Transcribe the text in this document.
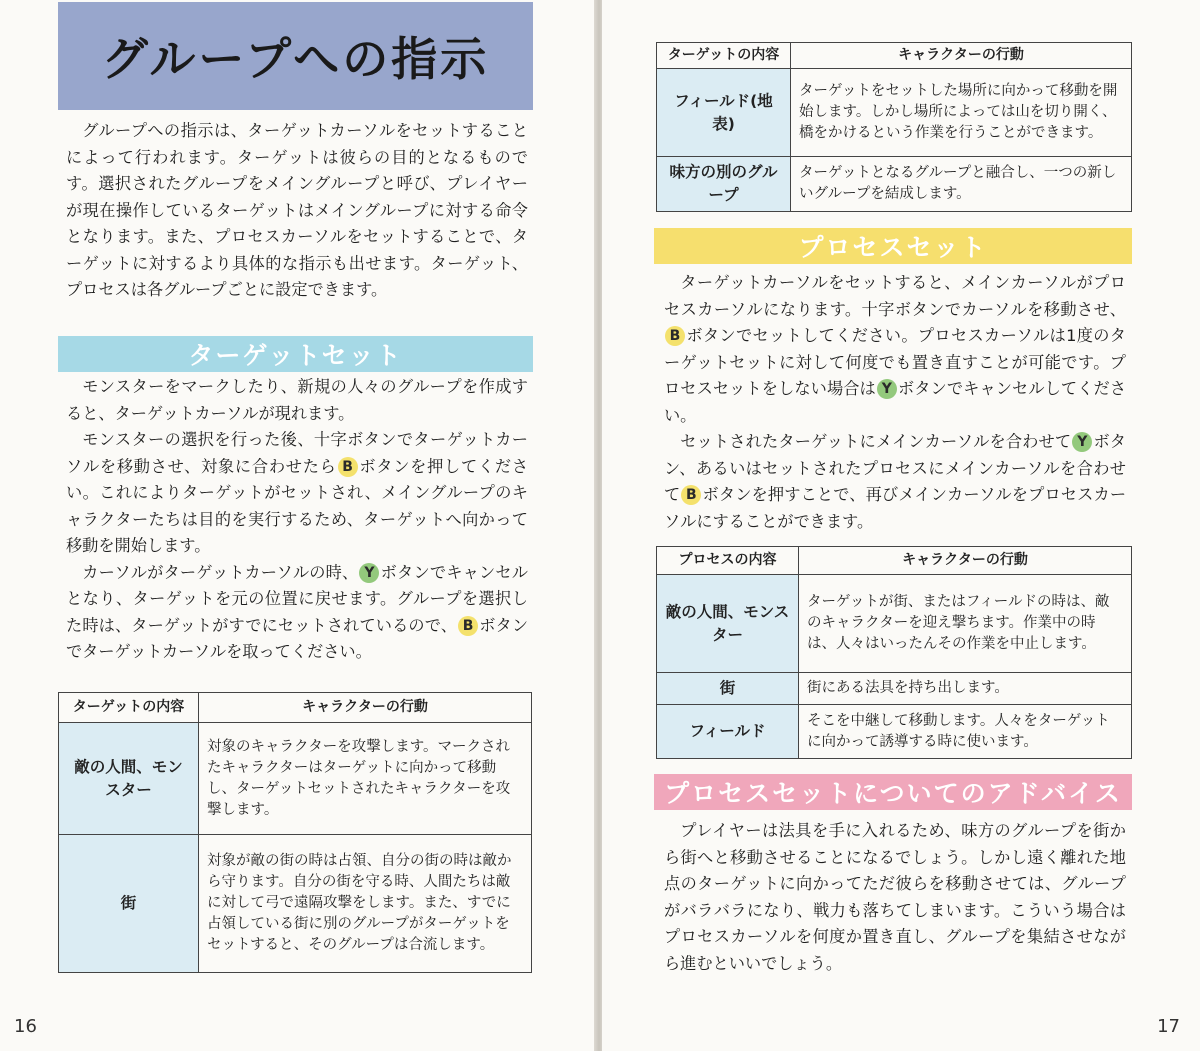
グループへの指示

グループへの指示は、ターゲットカーソルをセットすることによって行われます。ターゲットは彼らの目的となるものです。選択されたグループをメイングループと呼び、プレイヤーが現在操作しているターゲットはメイングループに対する命令となります。また、プロセスカーソルをセットすることで、ターゲットに対するより具体的な指示も出せます。ターゲット、プロセスは各グループごとに設定できます。

ターゲットセット

モンスターをマークしたり、新規の人々のグループを作成すると、ターゲットカーソルが現れます。

モンスターの選択を行った後、十字ボタンでターゲットカーソルを移動させ、対象に合わせたら B ボタンを押してください。これによりターゲットがセットされ、メイングループのキャラクターたちは目的を実行するため、ターゲットへ向かって移動を開始します。

カーソルがターゲットカーソルの時、 Y ボタンでキャンセルとなり、ターゲットを元の位置に戻せます。グループを選択した時は、ターゲットがすでにセットされているので、 B ボタンでターゲットカーソルを取ってください。

ターゲットの内容	キャラクターの行動
敵の人間、モンスター	対象のキャラクターを攻撃します。マークされたキャラクターはターゲットに向かって移動し、ターゲットセットされたキャラクターを攻撃します。
街	対象が敵の街の時は占領、自分の街の時は敵から守ります。自分の街を守る時、人間たちは敵に対して弓で遠隔攻撃をします。また、すでに占領している街に別のグループがターゲットをセットすると、そのグループは合流します。
16
ターゲットの内容	キャラクターの行動
フィールド(地表)	ターゲットをセットした場所に向かって移動を開始します。しかし場所によっては山を切り開く、橋をかけるという作業を行うことができます。
味方の別のグループ	ターゲットとなるグループと融合し、一つの新しいグループを結成します。
プロセスセット

ターゲットカーソルをセットすると、メインカーソルがプロセスカーソルになります。十字ボタンでカーソルを移動させ、B ボタンでセットしてください。プロセスカーソルは1度のターゲットセットに対して何度でも置き直すことが可能です。プロセスセットをしない場合は Y ボタンでキャンセルしてください。

セットされたターゲットにメインカーソルを合わせて Y ボタン、あるいはセットされたプロセスにメインカーソルを合わせて B ボタンを押すことで、再びメインカーソルをプロセスカーソルにすることができます。

プロセスの内容	キャラクターの行動
敵の人間、モンスター	ターゲットが街、またはフィールドの時は、敵のキャラクターを迎え撃ちます。作業中の時は、人々はいったんその作業を中止します。
街	街にある法具を持ち出します。
フィールド	そこを中継して移動します。人々をターゲットに向かって誘導する時に使います。
プロセスセットについてのアドバイス

プレイヤーは法具を手に入れるため、味方のグループを街から街へと移動させることになるでしょう。しかし遠く離れた地点のターゲットに向かってただ彼らを移動させては、グループがバラバラになり、戦力も落ちてしまいます。こういう場合はプロセスカーソルを何度か置き直し、グループを集結させながら進むといいでしょう。

17
